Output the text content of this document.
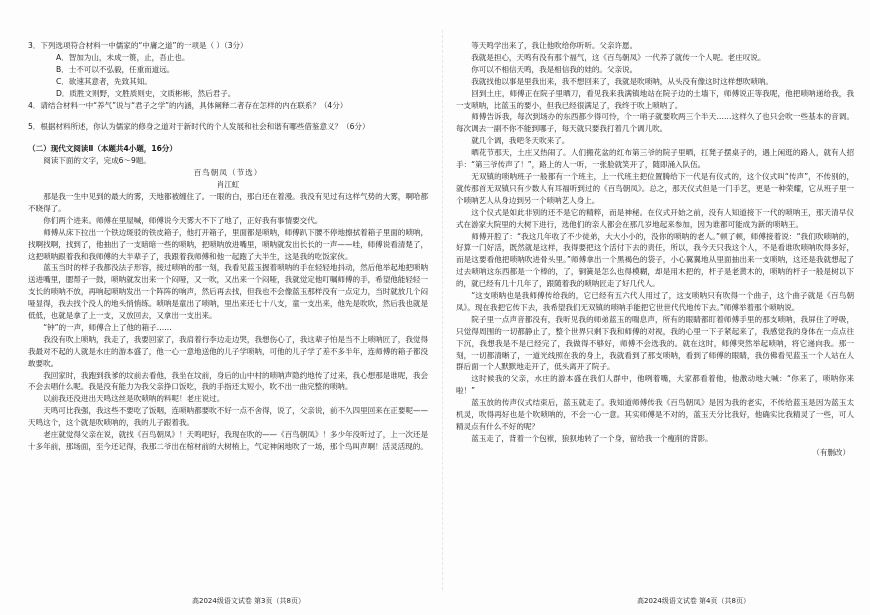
3．下列选项符合材料一中儒家的“中庸之道”的一项是（ ）（3分）

A．智加为山，未成一篑，止，吾止也。

B．士不可以不弘毅，任重而道远。

C．欲速其意者，先致其知。

D．质胜文则野，文胜质则史，文质彬彬，然后君子。

4．请结合材料一中“养气”说与“君子之学”的内涵，具体阐释二者存在怎样的内在联系？（4分）

5．根据材料所述，你认为儒家的修身之道对于新时代的个人发展和社会和谐有哪些借鉴意义？（6分）

（二）现代文阅读Ⅱ（本题共4小题，16分）

阅读下面的文字，完成6～9题。

百鸟朝凤（节选）

肖江虹

那是我一生中见到的最大的雾，天地都被缠住了。一眼的白，那白还在着漫。我没有见过有这样气势的大雾，啊哈都不晓得了。

你们两个进来。师傅在里屋喊，师傅说今天雾大不下了地了，正好我有事情要交代。

师傅从床下拉出一个铁边斑驳的铁皮箱子，他打开箱子，里面都是唢呐，师傅趴下腰不停地擦拭着箱子里面的唢呐，找啊找啊，找到了，他抽出了一支暗暗一些的唢呐，把唢呐放进嘴里，唢呐就发出长长的一声——哇，师傅说看清楚了，这把唢呐跟着我和我师傅的大半辈子了，我跟着我师傅和他一起跑了大半生，这是我的吃饭家伙。

蓝玉当时的样子我都没法子形容，接过唢呐的那一刻，我看见蓝玉握着唢呐的手在轻轻地抖动，然后他举起地把唢呐送进嘴里，腮帮子一鼓，唢呐就发出来一个闷哑，又一吹，又出来一个闷哑，我就觉定他叮嘱师傅的手，希望他能轻轻一支长的唢呐不放，再响起唢呐发出一个阵阵的响声，然后再去找，但我也不会像蓝玉那样没有一点定力，当时就放几个闷哑显得，我去找个没人的地头悄悄练。唢呐是童出了唢呐，里出来还七十八支，童一支出来，他先是吹吹，然后我也就是低低，也就是拿了上一支，又放回去，又拿出一支出来。

“钟”的一声，师傅合上了他的箱子……

我没有吹上唢呐，我走了，我要回家了，我肩着行李边走边哭，我想伤心了，我这辈子怕是当不上唢呐匠了，我觉得我最对不起的人就是水庄的游本盛了，他一心一意地送他的儿子学唢呐，可他的儿子学了差不多半年，连师傅的箱子都没敢要吹。

我回家时，我跑到我爹的坟前去看他，我坐在坟前，身后的山中村的唢呐声隐约地传了过来，我心想那是谁呢，我会不会去唱什么呢。我是没有能力为我父亲挣口饭吃，我的手指还太短小，吹不出一曲完整的唢呐。

以前我还没进出天鸣这丝是吹唢呐的料呢！老庄说过。

天鸣可比我强，我这些不要吃了饭咽，连唢呐都要吹不好一点不舍得，说了，父亲说，前不久四里回来在正要呢——天鸣这个，这个就是吹唢呐的，我的儿子跟着我。

老庄就觉得父亲在说，就找《百鸟朝凤》！天鸣吧好，我现在吹的——《百鸟朝凤》！多少年没听过了，上一次还是十多年前，那场面，至今还记得，我那二爷出在棺材前的大树梢上，气定神闲地吹了一场，那个鸟叫声啊！活灵活现的。

等天鸣学出来了，我让他吹给你听听。父亲许愿。

我就是担心，天鸣有没有那个福气，这《百鸟朝凤》一代养了就传一个人呢。老庄叹说。

你可以不相信天鸣，我是相信我的娃的。父亲说。

我就找他以事是里我出来，我不想回来了，我就是吹唢呐，从头没有像这时这样想吹唢呐。

回到土庄，师傅正在院子里晒刀，看见我来我满镇地站在院子边的土墙下，师傅说正等我呢，他把唢呐递给我，我一支唢呐，比蓝玉的要小，但我已经很满足了，我终于吹上唢呐了。

师傅告诉我，每次到场办的东西都少得可怜，个一哨子就要吹两三个半天……这样久了也只会吹一些基本的音调。每次调去一副不你不能到哪子，每天就只要我打着几个调儿吹。

就几个调，我吧冬天吹来了。

晒花节那天，土庄又热闹了。人们搬花盆的红布第三爷的院子里晒，扛凳子摆桌子的，遇上闲逛的路人，就有人招手：“第三爷传声了！”，路上的人一听，一张脸就笑开了，随即涌入队伍。

无双镇的唢呐班子一般都有一个班主，上一代班主把位置腾给下一代是有仪式的，这个仪式叫“传声”，不传别的，就传那首无双镇只有少数人有耳福听到过的《百鸟朝凤》。总之，那天仪式但是一门手艺，更是一种荣耀，它从班子里一个唢呐艺人从身边到另一个唢呐艺人身上。

这个仪式是如此非别的还不是它的精粹，而是神秘。在仪式开始之前，没有人知道接下一代的唢呐王，那天清早仪式在游家大院里的大树下进行，选他们的亲人都会在那几岁地起来参加，因为谁都可能成为新的唢呐王。

师傅开腔了：“我这几年收了不少徒弟，大大小小的，没你的唢呐的老人。”顿了顿，师傅接着说：“我们吹唢呐的，好算一门好活，既然就是这样，我得要把这个活付下去的责任，所以，我今天只我这个人，不是看谁吹唢呐吹得多好，而是这要看他把唢呐吹进骨头里。”师傅拿出一个黑褐色的袋子，小心翼翼地从里面抽出来一支唢呐，这还是我就想起了过去唢呐这东西都是一个棒的，了，铜簧是怎么也得模糊，却是用木把的，杆子是老黄木的，唢呐的杆子一般是树以下的，就已经有几十几年了，跟随着我的唢呐匠走了好几代人。

“这支唢呐也是我师傅传给我的，它已经有五六代人用过了，这支唢呐只有吹得一个曲子，这个曲子就是《百鸟朝凤》。现在我把它传下去，我希望我们无双镇的唢呐手能把它世世代代地传下去。”师傅举着那个唢呐说。

院子里一点声音都没有，我听见我的师弟蓝玉的喘息声，所有的眼睛都盯着师傅手里的那支唢呐，我屏住了呼吸，只觉得周围的一切都静止了，整个世界只剩下我和师傅的对视，我的心里一下子紧起来了，我感觉我的身体在一点点往下沉，我想我是不是已经完了，我做得不够好，师傅不会选我的。就在这时，师傅突然举起唢呐，将它递向我。那一刻，一切都清晰了，一道光线照在我的身上，我就看到了那支唢呐，看到了师傅的眼睛，我仿佛看见蓝玉一个人站在人群后面一个人默默地走开了，低头离开了院子。

这时候我的父亲，水庄的游本盛在我们人群中，他咧着嘴，大家都看着他，他激动地大喊：“你来了，唢呐你来啦！”

蓝玉放的传声仪式结束后，蓝玉就走了。我知道师傅传我《百鸟朝凤》是因为我的老实，不传给蓝玉是因为蓝玉太机灵，吹得再好也是个吹唢呐的，不会一心一意。其实师傅是不对的，蓝玉天分比我好，他确实比我精灵了一些，可人精灵点有什么不好的呢？

蓝玉走了，背着一个包袱，狼狈地转了一个身，留给我一个瘦削的背影。

（有删改）

高2024级语文试卷 第3页（共8页）	高2024级语文试卷 第4页（共8页）
